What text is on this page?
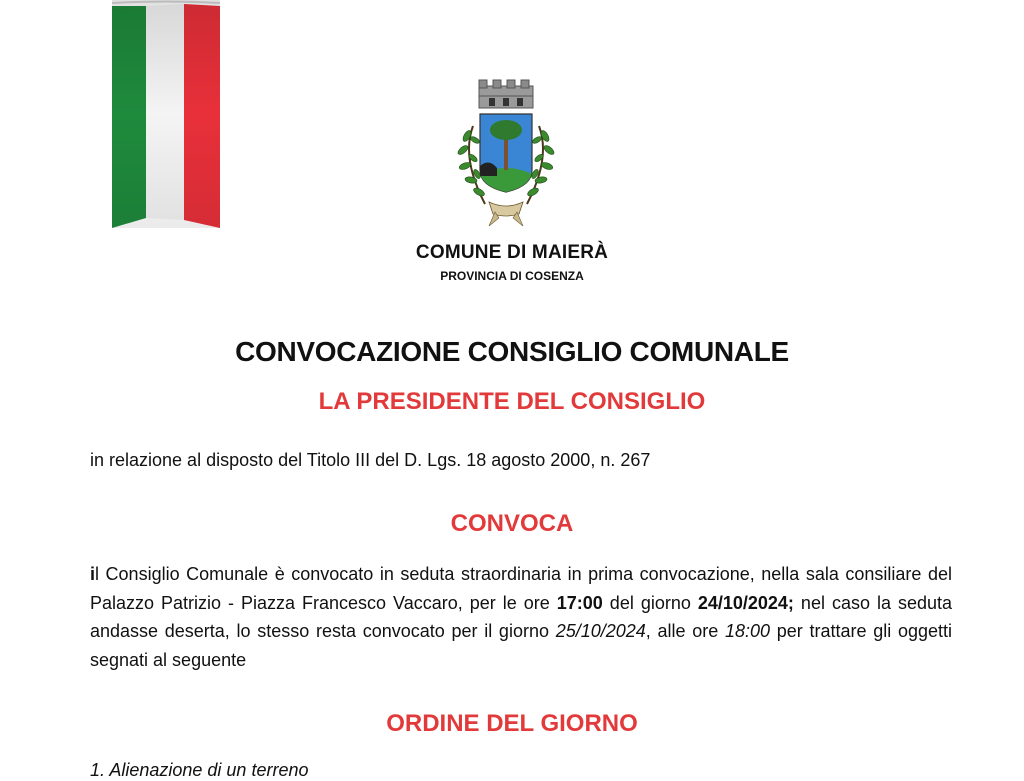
COMUNE DI MAIERÀ
PROVINCIA DI COSENZA
CONVOCAZIONE CONSIGLIO COMUNALE
LA PRESIDENTE DEL CONSIGLIO
in relazione al disposto del Titolo III del D. Lgs. 18 agosto 2000, n. 267
CONVOCA
il Consiglio Comunale è convocato in seduta straordinaria in prima convocazione, nella sala consiliare del Palazzo Patrizio - Piazza Francesco Vaccaro, per le ore 17:00 del giorno 24/10/2024; nel caso la seduta andasse deserta, lo stesso resta convocato per il giorno 25/10/2024, alle ore 18:00 per trattare gli oggetti segnati al seguente
ORDINE DEL GIORNO
1. Alienazione di un terreno
